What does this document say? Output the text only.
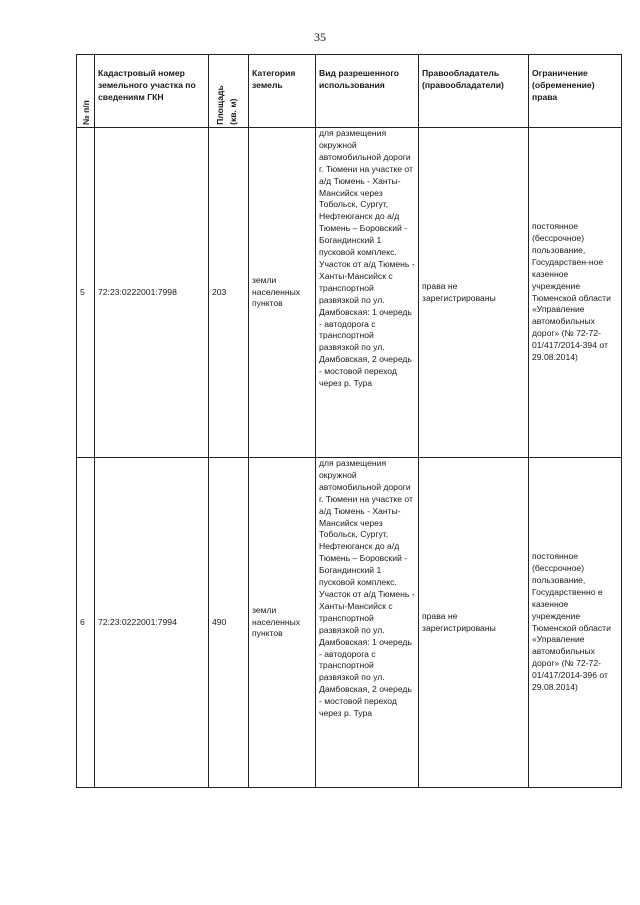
35
№ п/п	Кадастровый номер земельного участка по сведениям ГКН	Площадь (кв. м)	Категория земель	Вид разрешенного использования	Правообладатель (правообладатели)	Ограничение (обременение) права
5	72:23:0222001:7998	203	земли населенных пунктов	для размещения окружной автомобильной дороги г. Тюмени на участке от а/д Тюмень - Ханты-Мансийск через Тобольск, Сургут, Нефтеюганск до а/д Тюмень – Боровский - Богандинский 1 пусковой комплекс. Участок от а/д Тюмень - Ханты-Мансийск с транспортной развязкой по ул. Дамбовская: 1 очередь - автодорога с транспортной развязкой по ул. Дамбовская, 2 очередь - мостовой переход через р. Тура	права не зарегистрированы	постоянное (бессрочное) пользование, Государствен-ное казенное учреждение Тюменской области «Управление автомобильных дорог» (№ 72-72-01/417/2014-394 от 29.08.2014)
6	72:23:0222001:7994	490	земли населенных пунктов	для размещения окружной автомобильной дороги г. Тюмени на участке от а/д Тюмень - Ханты-Мансийск через Тобольск, Сургут, Нефтеюганск до а/д Тюмень – Боровский - Богандинский 1 пусковой комплекс. Участок от а/д Тюмень - Ханты-Мансийск с транспортной развязкой по ул. Дамбовская: 1 очередь - автодорога с транспортной развязкой по ул. Дамбовская, 2 очередь - мостовой переход через р. Тура	права не зарегистрированы	постоянное (бессрочное) пользование, Государственно е казенное учреждение Тюменской области «Управление автомобильных дорог» (№ 72-72-01/417/2014-396 от 29.08.2014)
